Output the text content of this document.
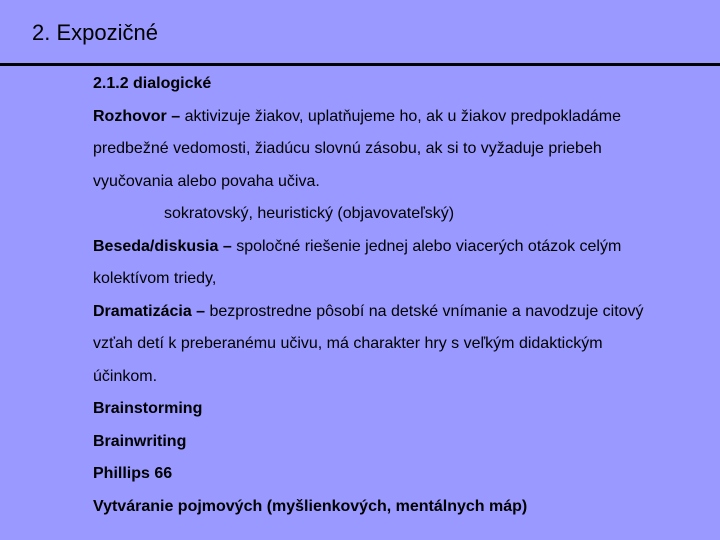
2. Expozičné

2.1.2 dialogické

Rozhovor – aktivizuje žiakov, uplatňujeme ho, ak u žiakov predpokladáme
predbežné vedomosti, žiadúcu slovnú zásobu, ak si to vyžaduje priebeh
vyučovania alebo povaha učiva.

sokratovský, heuristický (objavovateľský)

Beseda/diskusia – spoločné riešenie jednej alebo viacerých otázok celým
kolektívom triedy,

Dramatizácia – bezprostredne pôsobí na detské vnímanie a navodzuje citový
vzťah detí k preberanému učivu, má charakter hry s veľkým didaktickým
účinkom.

Brainstorming

Brainwriting

Phillips 66

Vytváranie pojmových (myšlienkových, mentálnych máp)
